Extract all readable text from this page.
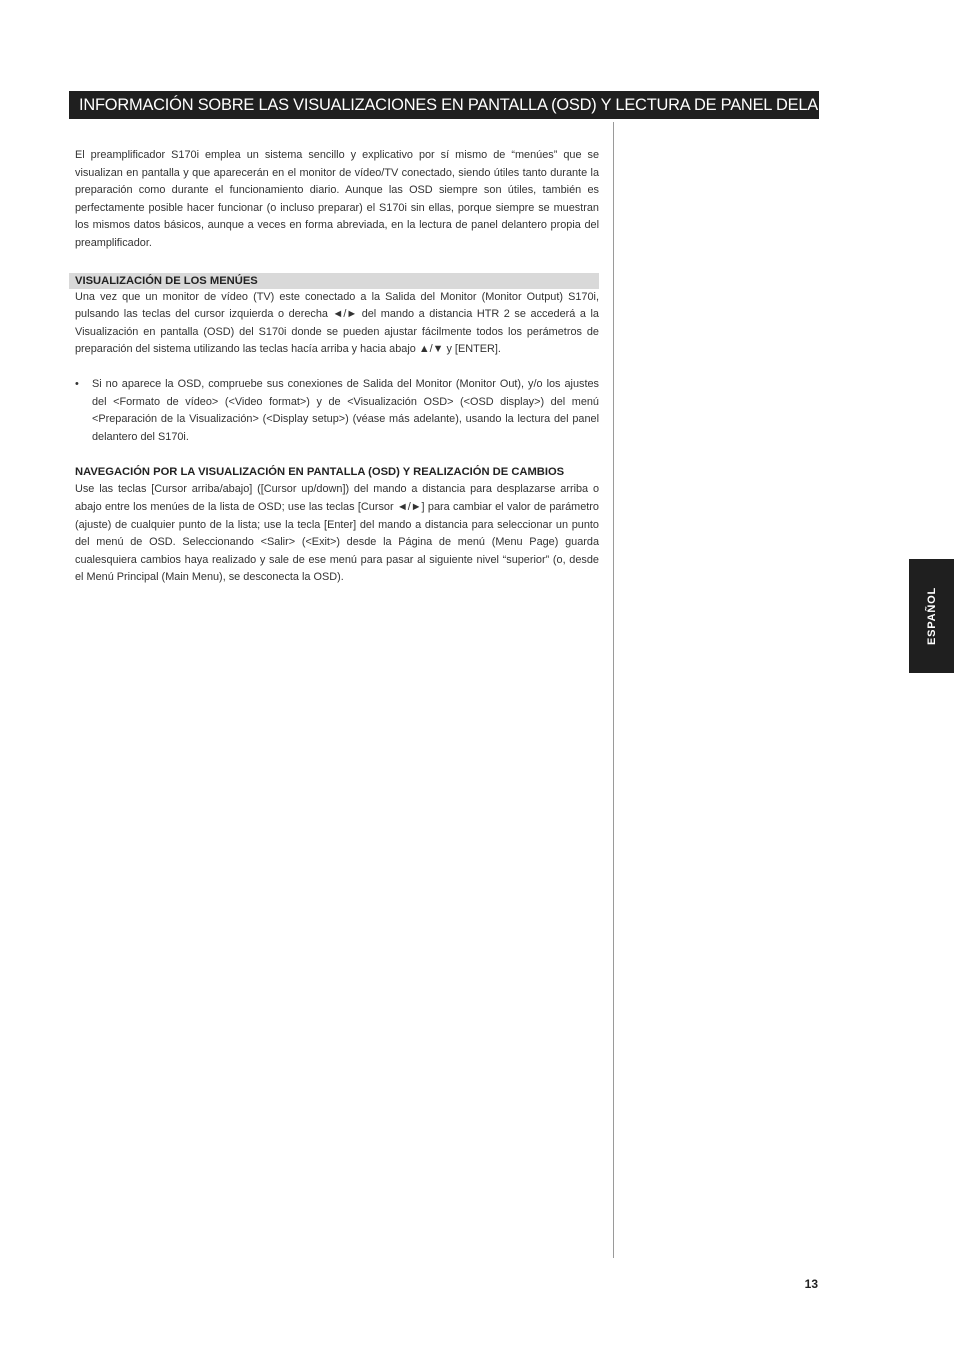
INFORMACIÓN SOBRE LAS VISUALIZACIONES EN PANTALLA (OSD) Y LECTURA DE PANEL DELANTERO

El preamplificador S170i emplea un sistema sencillo y explicativo por sí mismo de “menúes” que se visualizan en pantalla y que aparecerán en el monitor de vídeo/TV conectado, siendo útiles tanto durante la preparación como durante el funcionamiento diario. Aunque las OSD siempre son útiles, también es perfectamente posible hacer funcionar (o incluso preparar) el S170i sin ellas, porque siempre se muestran los mismos datos básicos, aunque a veces en forma abreviada, en la lectura de panel delantero propia del preamplificador.

VISUALIZACIÓN DE LOS MENÚES

Una vez que un monitor de vídeo (TV) este conectado a la Salida del Monitor (Monitor Output) S170i, pulsando las teclas del cursor izquierda o derecha ◄/► del mando a distancia HTR 2 se accederá a la Visualización en pantalla (OSD) del S170i donde se pueden ajustar fácilmente todos los perámetros de preparación del sistema utilizando las teclas hacía arriba y hacia abajo ▲/▼ y [ENTER].

• Si no aparece la OSD, compruebe sus conexiones de Salida del Monitor (Monitor Out), y/o los ajustes del <Formato de vídeo> (<Video format>) y de <Visualización OSD> (<OSD display>) del menú <Preparación de la Visualización> (<Display setup>) (véase más adelante), usando la lectura del panel delantero del S170i.
NAVEGACIÓN POR LA VISUALIZACIÓN EN PANTALLA (OSD) Y REALIZACIÓN DE CAMBIOS

Use las teclas [Cursor arriba/abajo] ([Cursor up/down]) del mando a distancia para desplazarse arriba o abajo entre los menúes de la lista de OSD; use las teclas [Cursor ◄/►] para cambiar el valor de parámetro (ajuste) de cualquier punto de la lista; use la tecla [Enter] del mando a distancia para seleccionar un punto del menú de OSD. Seleccionando <Salir> (<Exit>) desde la Página de menú (Menu Page) guarda cualesquiera cambios haya realizado y sale de ese menú para pasar al siguiente nivel “superior” (o, desde el Menú Principal (Main Menu), se desconecta la OSD).

ESPAÑOL
13
